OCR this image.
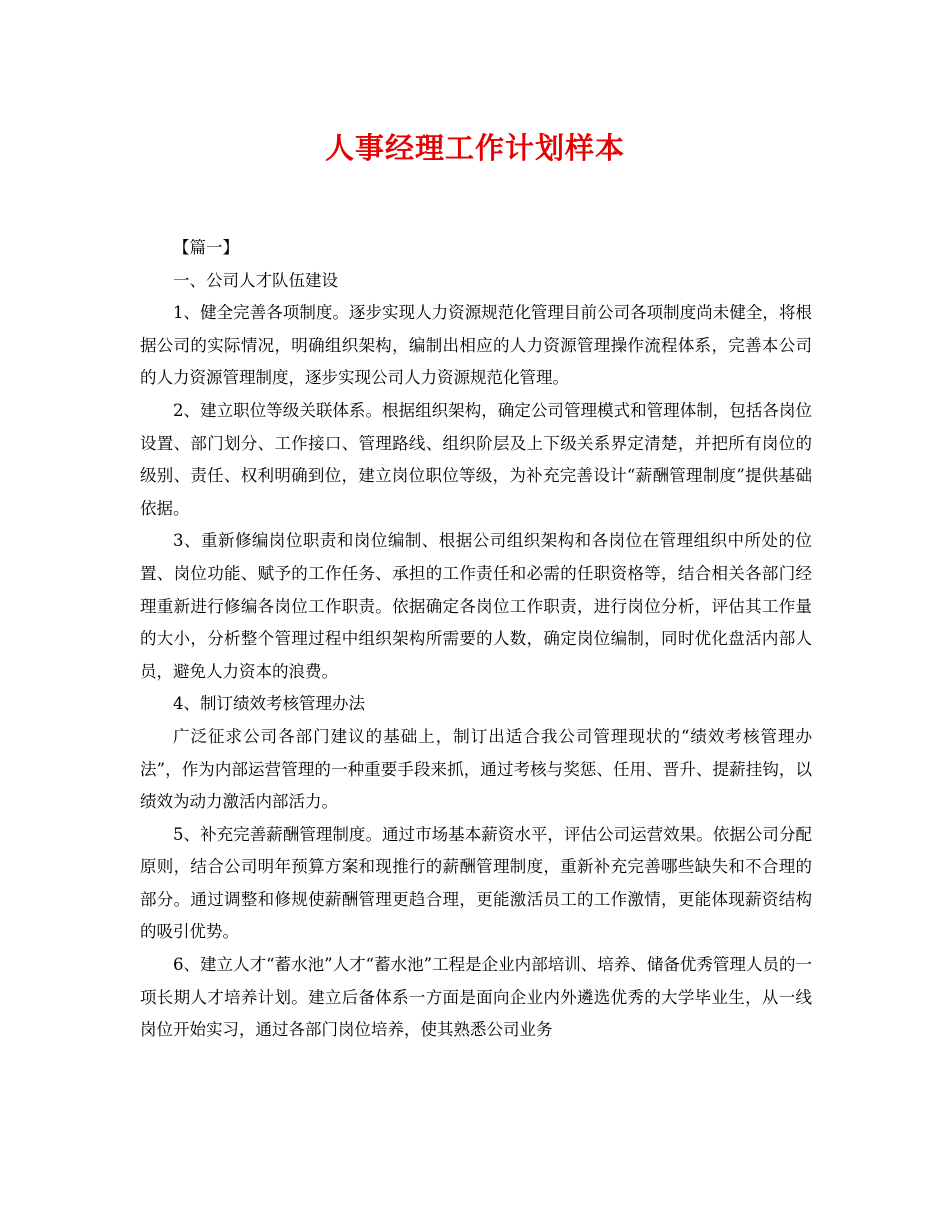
人事经理工作计划样本

【篇一】

一、公司人才队伍建设

1、健全完善各项制度。逐步实现人力资源规范化管理目前公司各项制度尚未健全，将根据公司的实际情况，明确组织架构，编制出相应的人力资源管理操作流程体系，完善本公司的人力资源管理制度，逐步实现公司人力资源规范化管理。

2、建立职位等级关联体系。根据组织架构，确定公司管理模式和管理体制，包括各岗位设置、部门划分、工作接口、管理路线、组织阶层及上下级关系界定清楚，并把所有岗位的级别、责任、权利明确到位，建立岗位职位等级，为补充完善设计“薪酬管理制度”提供基础依据。

3、重新修编岗位职责和岗位编制、根据公司组织架构和各岗位在管理组织中所处的位置、岗位功能、赋予的工作任务、承担的工作责任和必需的任职资格等，结合相关各部门经理重新进行修编各岗位工作职责。依据确定各岗位工作职责，进行岗位分析，评估其工作量的大小，分析整个管理过程中组织架构所需要的人数，确定岗位编制，同时优化盘活内部人员，避免人力资本的浪费。

4、制订绩效考核管理办法

广泛征求公司各部门建议的基础上，制订出适合我公司管理现状的“绩效考核管理办法”，作为内部运营管理的一种重要手段来抓，通过考核与奖惩、任用、晋升、提薪挂钩，以绩效为动力激活内部活力。

5、补充完善薪酬管理制度。通过市场基本薪资水平，评估公司运营效果。依据公司分配原则，结合公司明年预算方案和现推行的薪酬管理制度，重新补充完善哪些缺失和不合理的部分。通过调整和修规使薪酬管理更趋合理，更能激活员工的工作激情，更能体现薪资结构的吸引优势。

6、建立人才“蓄水池”人才“蓄水池”工程是企业内部培训、培养、储备优秀管理人员的一项长期人才培养计划。建立后备体系一方面是面向企业内外遴选优秀的大学毕业生，从一线岗位开始实习，通过各部门岗位培养，使其熟悉公司业务
